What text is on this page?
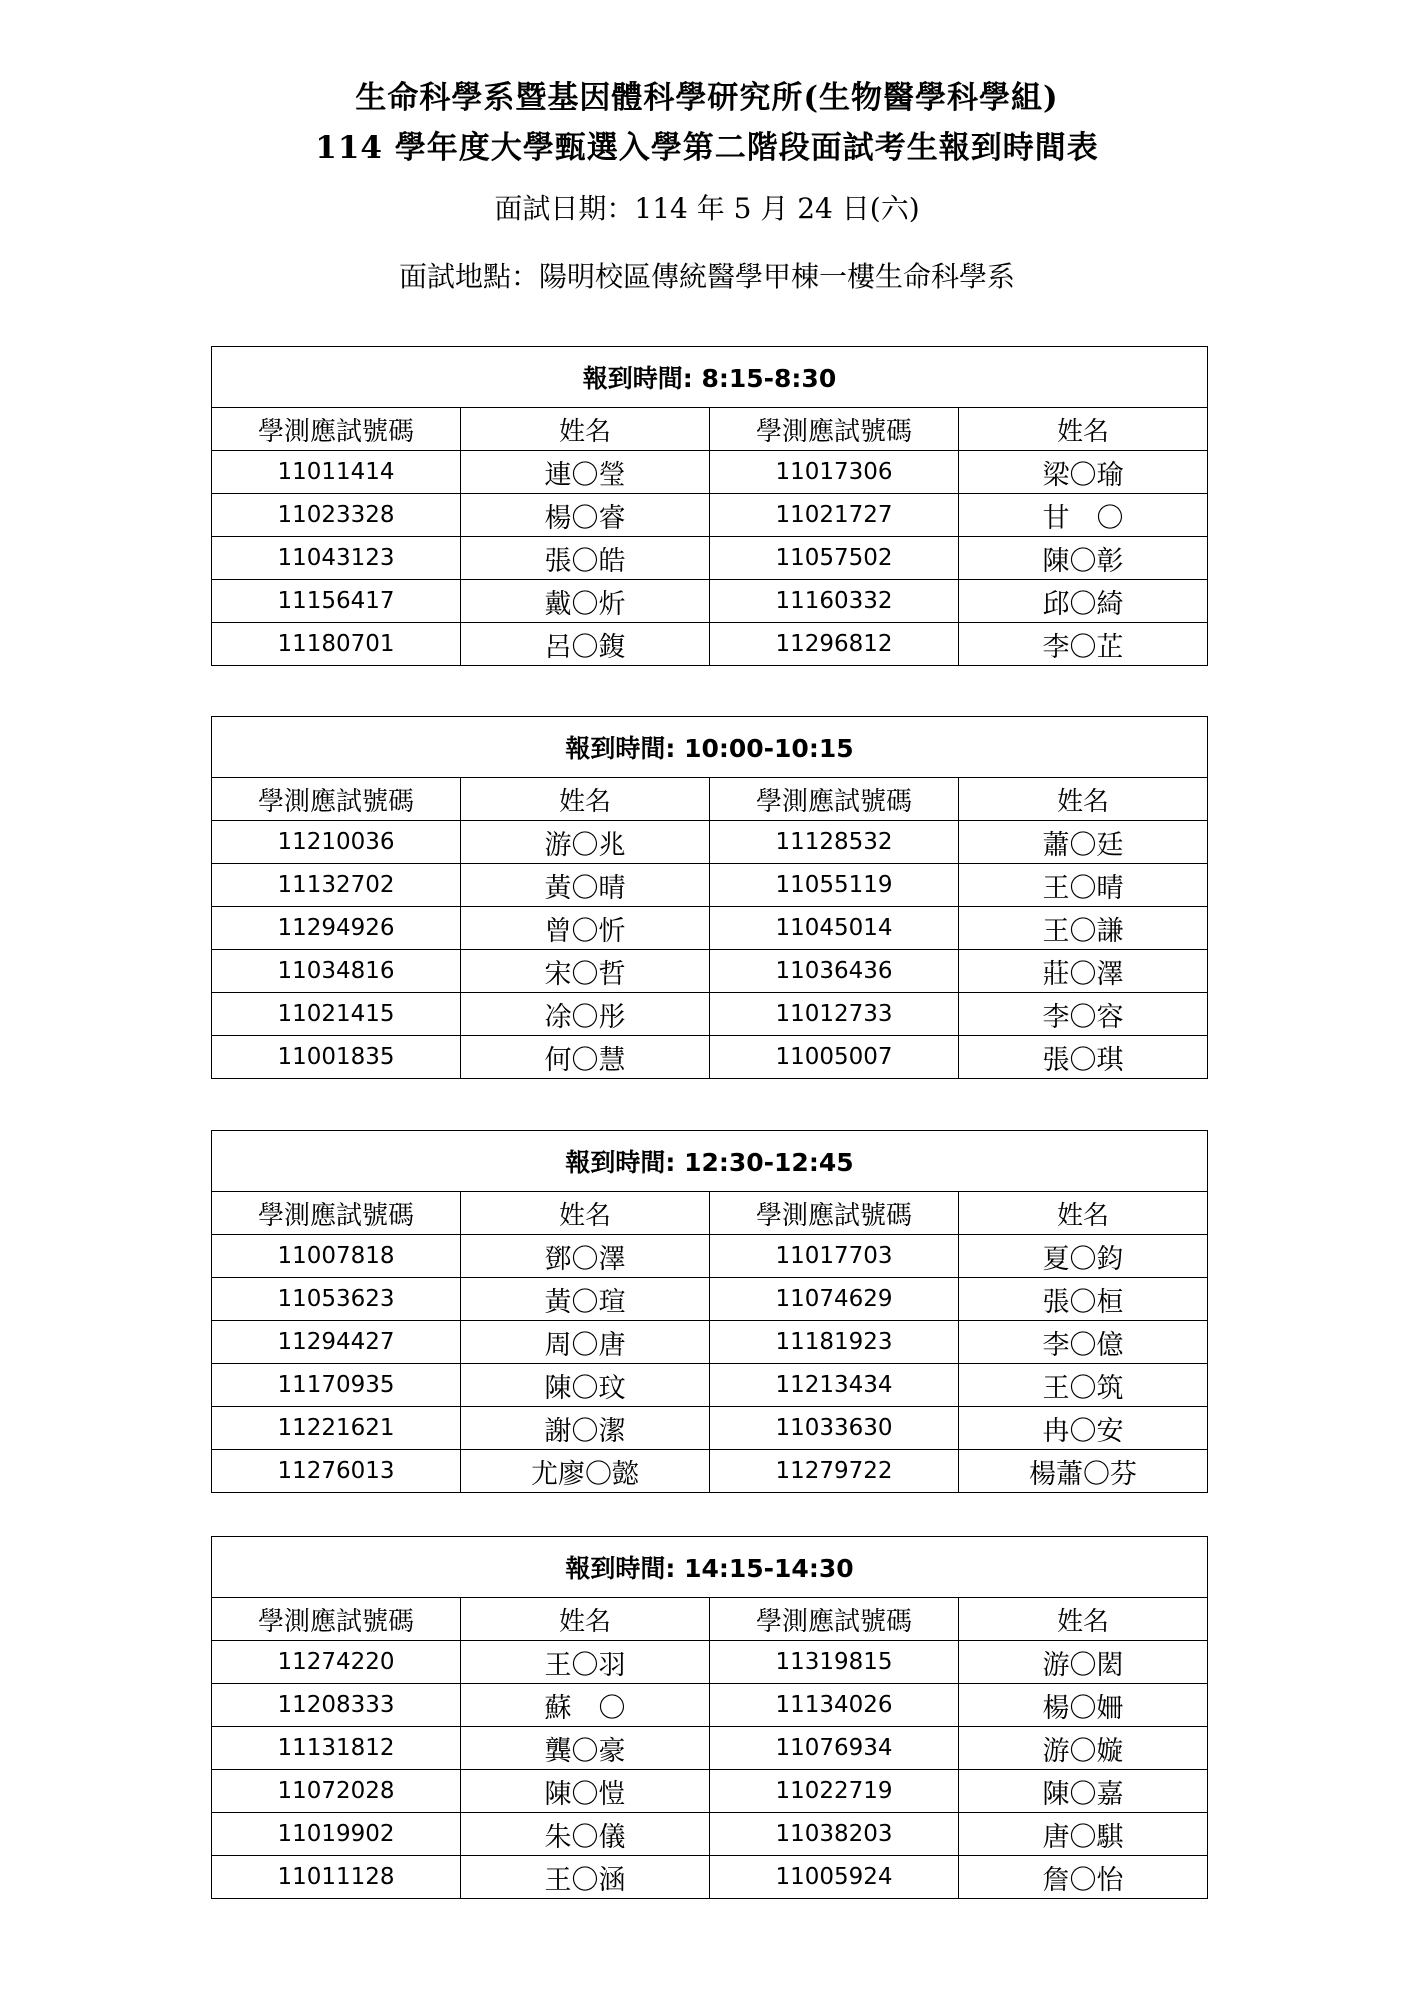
生命科學系暨基因體科學研究所(生物醫學科學組)
114 學年度大學甄選入學第二階段面試考生報到時間表
面試日期：114 年 5 月 24 日(六)
面試地點：陽明校區傳統醫學甲棟一樓生命科學系
報到時間: 8:15-8:30			
學測應試號碼	姓名	學測應試號碼	姓名
11011414	連〇瑩	11017306	梁〇瑜
11023328	楊〇睿	11021727	甘　〇
11043123	張〇皓	11057502	陳〇彰
11156417	戴〇炘	11160332	邱〇綺
11180701	呂〇鍑	11296812	李〇芷
報到時間: 10:00-10:15			
學測應試號碼	姓名	學測應試號碼	姓名
11210036	游〇兆	11128532	蕭〇廷
11132702	黃〇晴	11055119	王〇晴
11294926	曾〇忻	11045014	王〇謙
11034816	宋〇哲	11036436	莊〇澤
11021415	凃〇彤	11012733	李〇容
11001835	何〇慧	11005007	張〇琪
報到時間: 12:30-12:45			
學測應試號碼	姓名	學測應試號碼	姓名
11007818	鄧〇澤	11017703	夏〇鈞
11053623	黃〇瑄	11074629	張〇桓
11294427	周〇唐	11181923	李〇億
11170935	陳〇玟	11213434	王〇筑
11221621	謝〇潔	11033630	冉〇安
11276013	尤廖〇懿	11279722	楊蕭〇芬
報到時間: 14:15-14:30			
學測應試號碼	姓名	學測應試號碼	姓名
11274220	王〇羽	11319815	游〇閎
11208333	蘇　〇	11134026	楊〇姍
11131812	龔〇豪	11076934	游〇嫙
11072028	陳〇愷	11022719	陳〇嘉
11019902	朱〇儀	11038203	唐〇騏
11011128	王〇涵	11005924	詹〇怡
